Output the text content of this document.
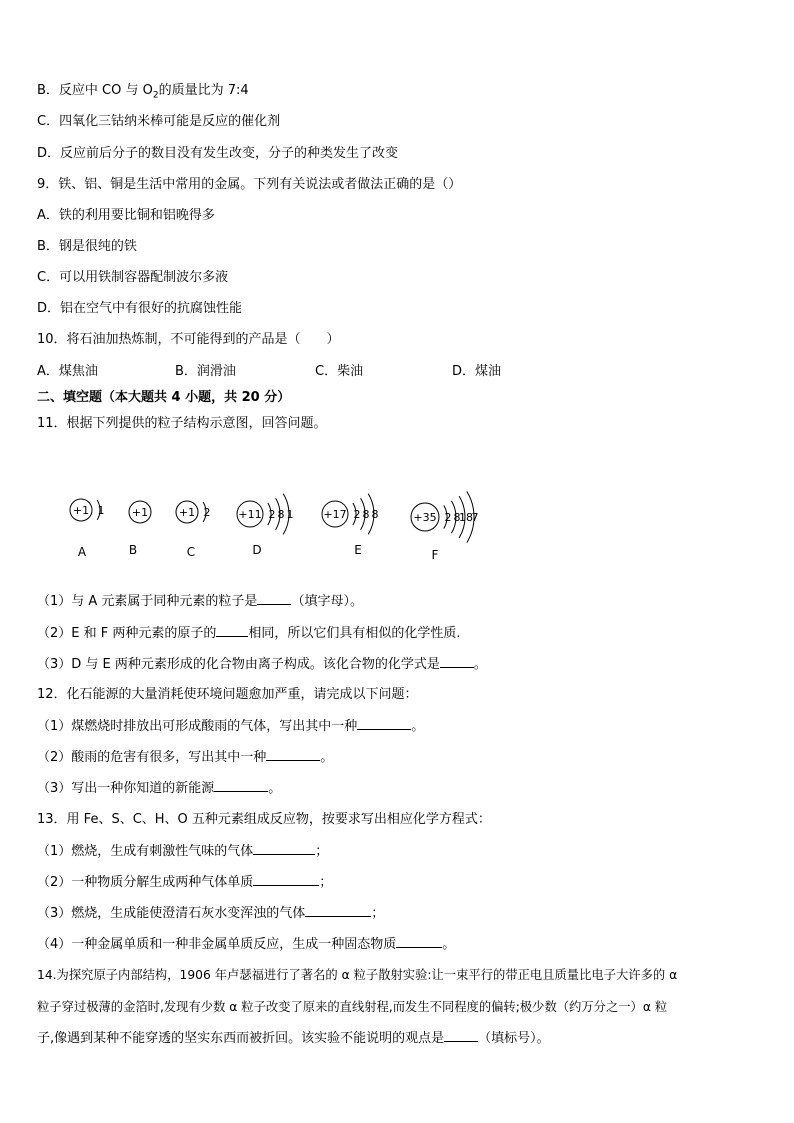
B．反应中 CO 与 $O_2$的质量比为 7:4
C．四氧化三钴纳米棒可能是反应的催化剂
D．反应前后分子的数目没有发生改变，分子的种类发生了改变
9．铁、铝、铜是生活中常用的金属。下列有关说法或者做法正确的是（）
A．铁的利用要比铜和铝晚得多
B．钢是很纯的铁
C．可以用铁制容器配制波尔多液
D．铝在空气中有很好的抗腐蚀性能
10．将石油加热炼制，不可能得到的产品是（　　）
A．煤焦油	B．润滑油	C．柴油	D．煤油
二、填空题（本大题共 4 小题，共 20 分）
11．根据下列提供的粒子结构示意图，回答问题。
+1 1
A
+1
B
+1 2
C
+11 2 8 1
D
+17 2 8 8
E
+35 2 8
18
7
F
（1）与 A 元素属于同种元素的粒子是	（填字母）。
（2）E 和 F 两种元素的原子的 相同，所以它们具有相似的化学性质.
（3）D 与 E 两种元素形成的化合物由离子构成。该化合物的化学式是	。
12．化石能源的大量消耗使环境问题愈加严重，请完成以下问题：
（1）煤燃烧时排放出可形成酸雨的气体，写出其中一种	。
（2）酸雨的危害有很多，写出其中一种	。
（3）写出一种你知道的新能源	。
13．用 Fe、S、C、H、O 五种元素组成反应物，按要求写出相应化学方程式：
（1）燃烧，生成有刺激性气味的气体	；
（2）一种物质分解生成两种气体单质	；
（3）燃烧，生成能使澄清石灰水变浑浊的气体	；
（4）一种金属单质和一种非金属单质反应，生成一种固态物质	。
14.为探究原子内部结构，1906 年卢瑟福进行了著名的 α 粒子散射实验:让一束平行的带正电且质量比电子大许多的 α
粒子穿过极薄的金箔时,发现有少数 α 粒子改变了原来的直线射程,而发生不同程度的偏转;极少数（约万分之一）α 粒
子,像遇到某种不能穿透的坚实东西而被折回。该实验不能说明的观点是	（填标号）。
